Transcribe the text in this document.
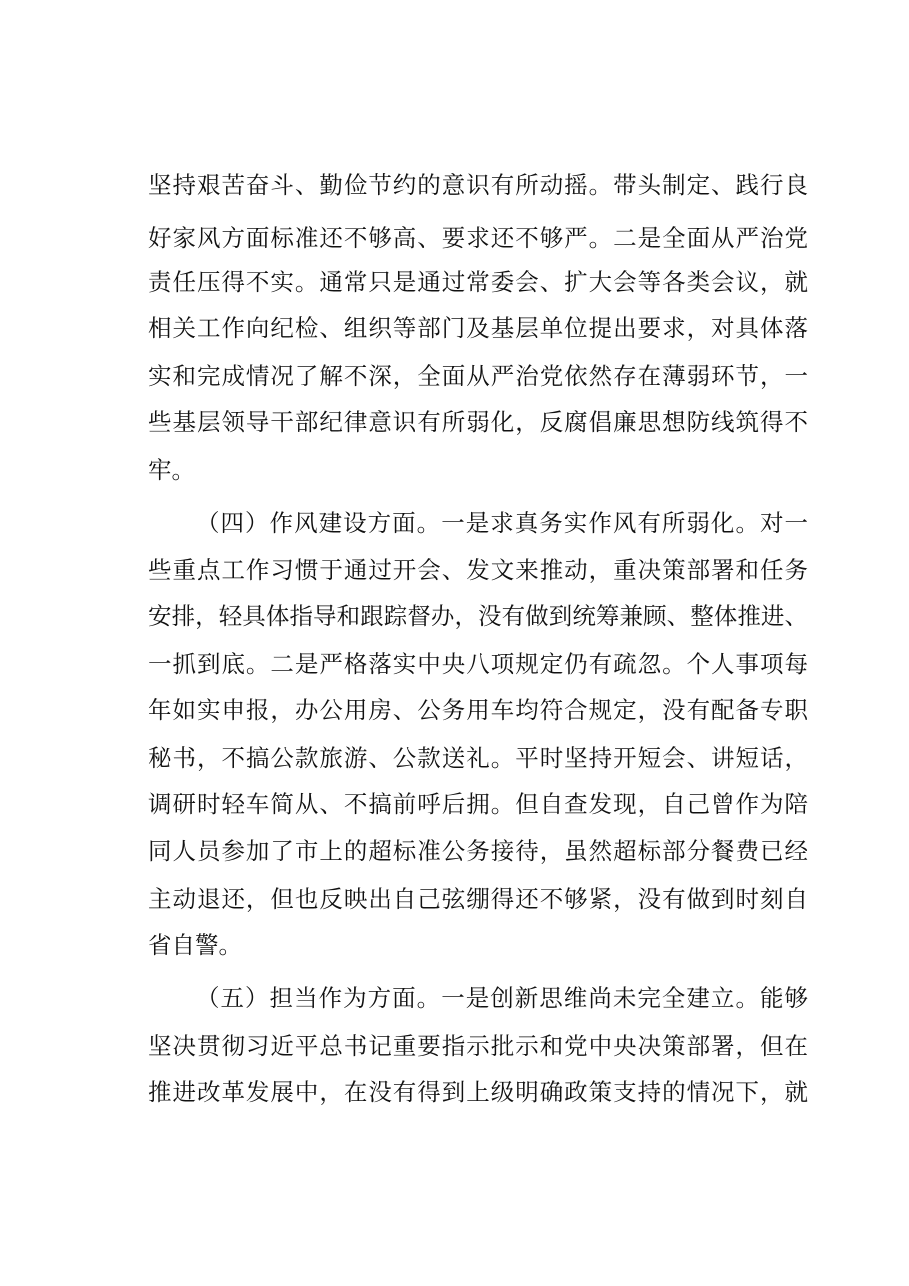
坚持艰苦奋斗、勤俭节约的意识有所动摇。带头制定、践行良
好家风方面标准还不够高、要求还不够严。二是全面从严治党
责任压得不实。通常只是通过常委会、扩大会等各类会议，就
相关工作向纪检、组织等部门及基层单位提出要求，对具体落
实和完成情况了解不深，全面从严治党依然存在薄弱环节，一
些基层领导干部纪律意识有所弱化，反腐倡廉思想防线筑得不
牢。
（四）作风建设方面。一是求真务实作风有所弱化。对一
些重点工作习惯于通过开会、发文来推动，重决策部署和任务
安排，轻具体指导和跟踪督办，没有做到统筹兼顾、整体推进、
一抓到底。二是严格落实中央八项规定仍有疏忽。个人事项每
年如实申报，办公用房、公务用车均符合规定，没有配备专职
秘书，不搞公款旅游、公款送礼。平时坚持开短会、讲短话，
调研时轻车简从、不搞前呼后拥。但自查发现，自己曾作为陪
同人员参加了市上的超标准公务接待，虽然超标部分餐费已经
主动退还，但也反映出自己弦绷得还不够紧，没有做到时刻自
省自警。
（五）担当作为方面。一是创新思维尚未完全建立。能够
坚决贯彻习近平总书记重要指示批示和党中央决策部署，但在
推进改革发展中，在没有得到上级明确政策支持的情况下，就
